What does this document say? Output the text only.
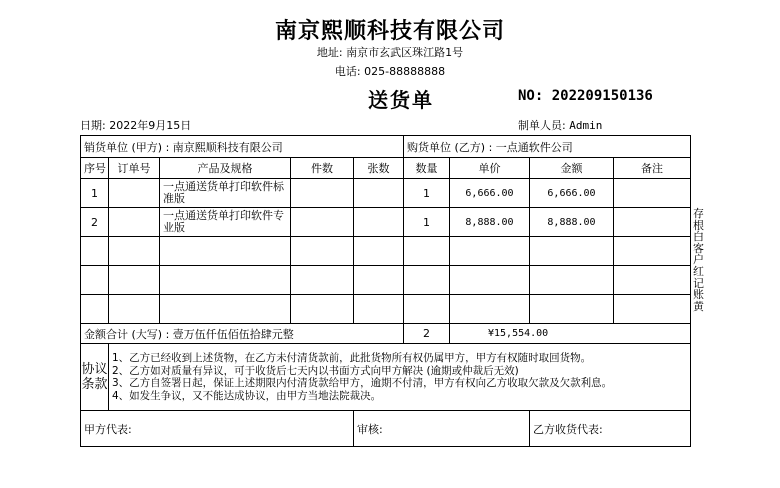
南京熙顺科技有限公司
地址: 南京市玄武区珠江路1号
电话: 025-88888888
送货单	NO: 202209150136
日期: 2022年9月15日	制单人员: Admin
销货单位 (甲方) : 南京熙顺科技有限公司					购货单位 (乙方) : 一点通软件公司			
序号	订单号	产品及规格	件数	张数	数量	单价	金额	备注
1		一点通送货单打印软件标准版			1	6,666.00	6,666.00	
2		一点通送货单打印软件专业版			1	8,888.00	8,888.00	

金额合计 (大写) : 壹万伍仟伍佰伍拾肆元整					2	¥15,554.00		
协议条款	1、乙方已经收到上述货物，在乙方未付清货款前，此批货物所有权仍属甲方，甲方有权随时取回货物。
2、乙方如对质量有异议，可于收货后七天内以书面方式向甲方解决 (逾期或仲裁后无效)
3、乙方自签署日起，保证上述期限内付清货款给甲方，逾期不付清，甲方有权向乙方收取欠款及欠款利息。
4、如发生争议，又不能达成协议，由甲方当地法院裁决。							

甲方代表:				审核:			乙方收货代表:	
存根白客户红记账黄
